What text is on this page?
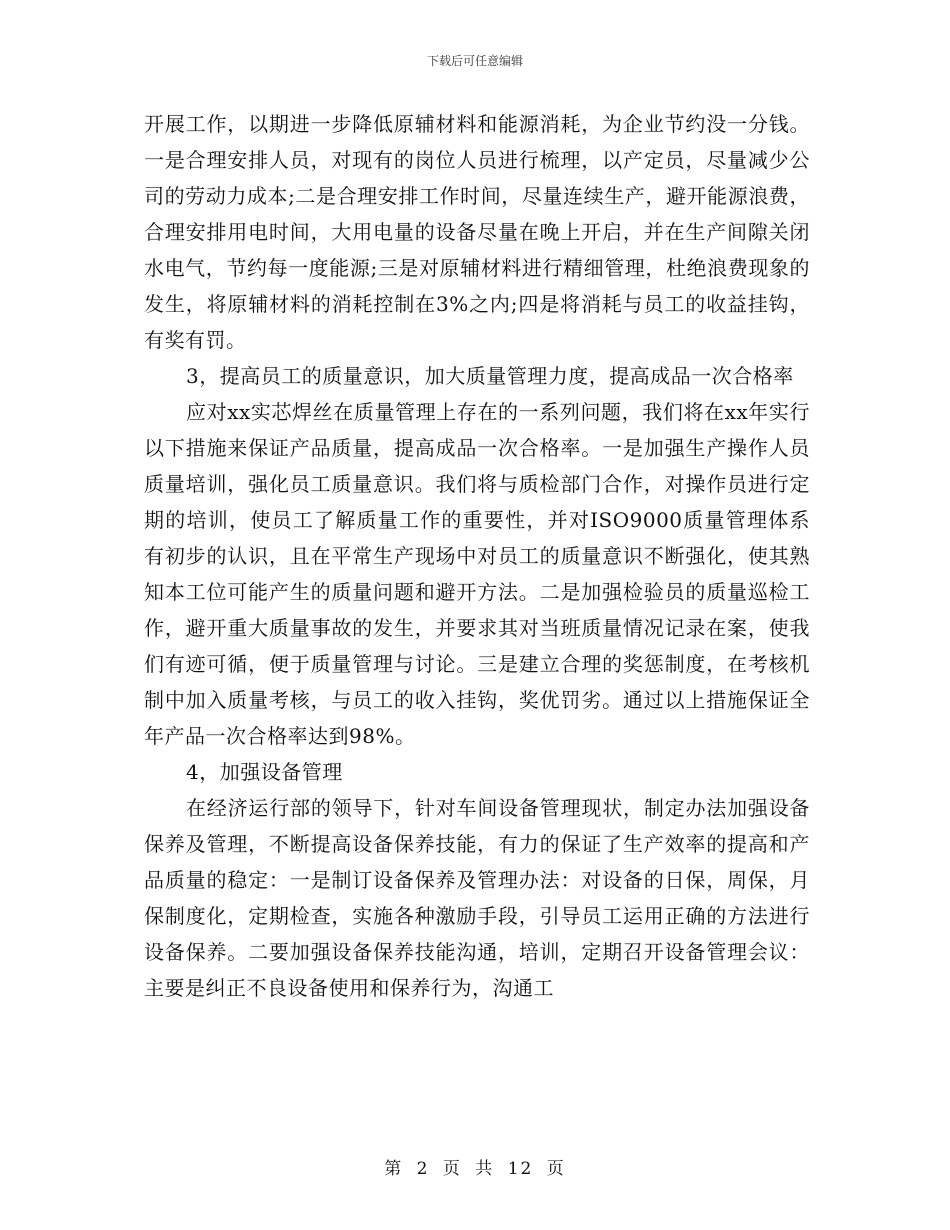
下载后可任意编辑

开展工作，以期进一步降低原辅材料和能源消耗，为企业节约没一分钱。一是合理安排人员，对现有的岗位人员进行梳理，以产定员，尽量减少公司的劳动力成本;二是合理安排工作时间，尽量连续生产，避开能源浪费，合理安排用电时间，大用电量的设备尽量在晚上开启，并在生产间隙关闭水电气，节约每一度能源;三是对原辅材料进行精细管理，杜绝浪费现象的发生，将原辅材料的消耗控制在3%之内;四是将消耗与员工的收益挂钩，有奖有罚。

3，提高员工的质量意识，加大质量管理力度，提高成品一次合格率

应对xx实芯焊丝在质量管理上存在的一系列问题，我们将在xx年实行以下措施来保证产品质量，提高成品一次合格率。一是加强生产操作人员质量培训，强化员工质量意识。我们将与质检部门合作，对操作员进行定期的培训，使员工了解质量工作的重要性，并对ISO9000质量管理体系有初步的认识，且在平常生产现场中对员工的质量意识不断强化，使其熟知本工位可能产生的质量问题和避开方法。二是加强检验员的质量巡检工作，避开重大质量事故的发生，并要求其对当班质量情况记录在案，使我们有迹可循，便于质量管理与讨论。三是建立合理的奖惩制度，在考核机制中加入质量考核，与员工的收入挂钩，奖优罚劣。通过以上措施保证全年产品一次合格率达到98%。

4，加强设备管理

在经济运行部的领导下，针对车间设备管理现状，制定办法加强设备保养及管理，不断提高设备保养技能，有力的保证了生产效率的提高和产品质量的稳定：一是制订设备保养及管理办法：对设备的日保，周保，月保制度化，定期检查，实施各种激励手段，引导员工运用正确的方法进行设备保养。二要加强设备保养技能沟通，培训，定期召开设备管理会议：主要是纠正不良设备使用和保养行为，沟通工

第 2 页 共 12 页
